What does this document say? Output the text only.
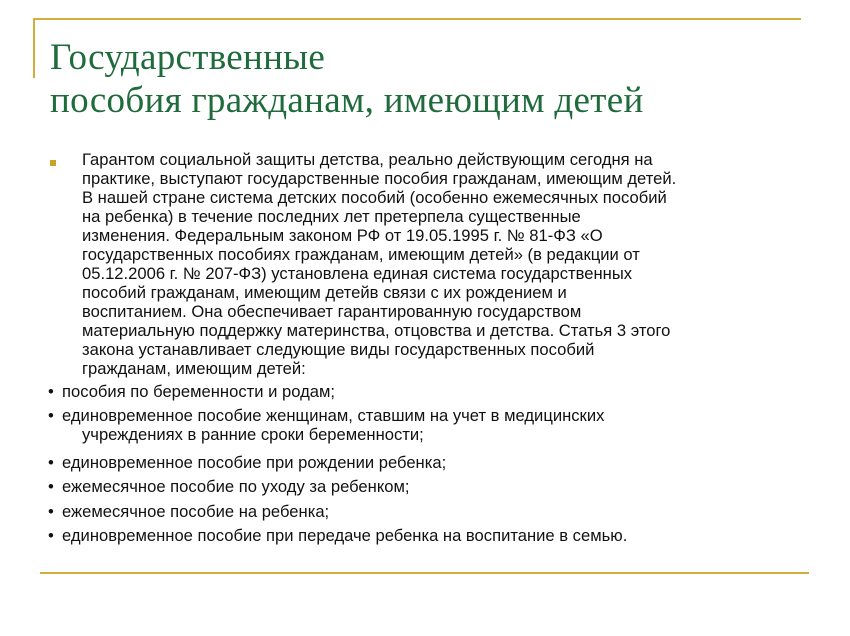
Государственные
пособия гражданам, имеющим детей
Гарантом социальной защиты детства, реально действующим сегодня на
практике, выступают государственные пособия гражданам, имеющим детей.
В нашей стране система детских пособий (особенно ежемесячных пособий
на ребенка) в течение последних лет претерпела существенные
изменения. Федеральным законом РФ от 19.05.1995 г. № 81-ФЗ «О
государственных пособиях гражданам, имеющим детей» (в редакции от
05.12.2006 г. № 207-ФЗ) установлена единая система государственных
пособий гражданам, имеющим детейв связи с их рождением и
воспитанием. Она обеспечивает гарантированную государством
материальную поддержку материнства, отцовства и детства. Статья 3 этого
закона устанавливает следующие виды государственных пособий
гражданам, имеющим детей:
• пособия по беременности и родам;
• единовременное пособие женщинам, ставшим на учет в медицинских
учреждениях в ранние сроки беременности;
• единовременное пособие при рождении ребенка;
• ежемесячное пособие по уходу за ребенком;
• ежемесячное пособие на ребенка;
• единовременное пособие при передаче ребенка на воспитание в семью.
